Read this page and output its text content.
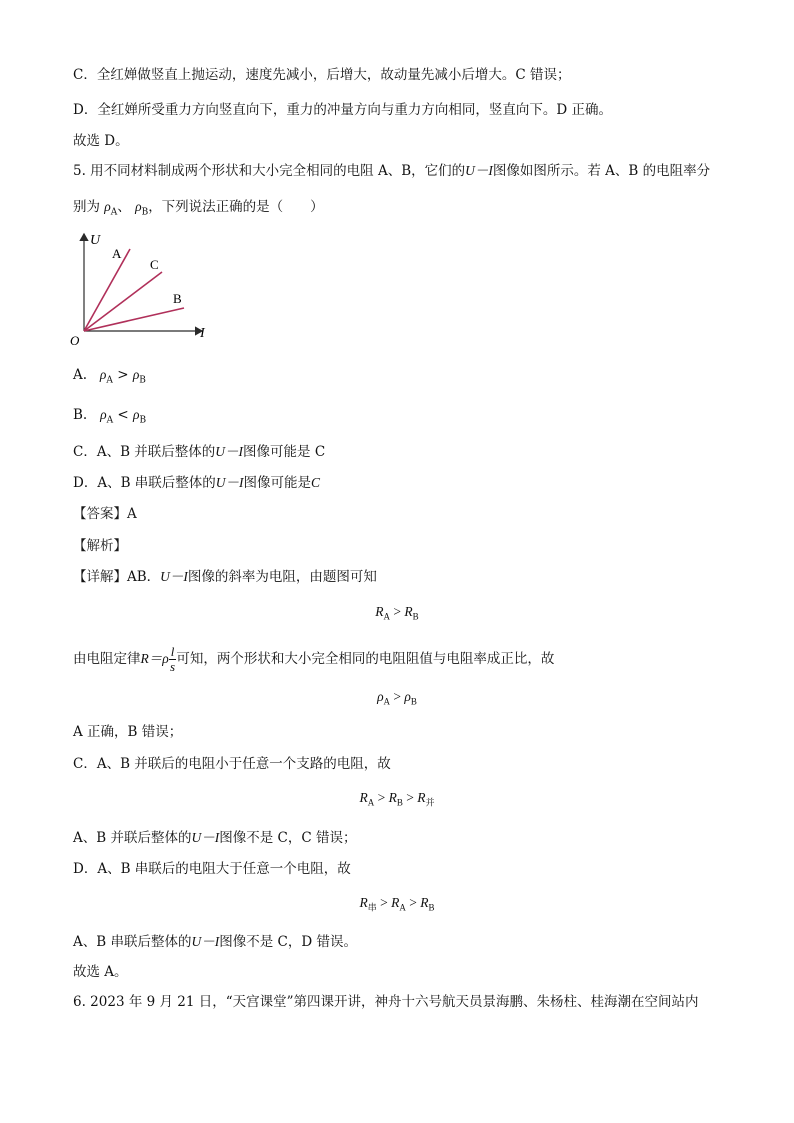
C．全红婵做竖直上抛运动，速度先减小，后增大，故动量先减小后增大。C 错误；
D．全红婵所受重力方向竖直向下，重力的冲量方向与重力方向相同，竖直向下。D 正确。
故选 D。
5. 用不同材料制成两个形状和大小完全相同的电阻 A、B，它们的U－I图像如图所示。若 A、B 的电阻率分
别为 $\rho_A$、 $\rho_B$，下列说法正确的是（　　）
U
I
O
A
C
B
A. $\rho_A > \rho_B$
B. $\rho_A < \rho_B$
C．A、B 并联后整体的U－I图像可能是 C
D．A、B 串联后整体的U－I图像可能是C
【答案】A
【解析】
【详解】AB．U－I图像的斜率为电阻，由题图可知
$R_A > R_B$
由电阻定律$R=\rho \frac{l}{s}$ 可知，两个形状和大小完全相同的电阻阻值与电阻率成正比，故
$\rho_A > \rho_B$
A 正确，B 错误；
C．A、B 并联后的电阻小于任意一个支路的电阻，故
$R_A > R_B > R_并$
A、B 并联后整体的U－I图像不是 C，C 错误；
D．A、B 串联后的电阻大于任意一个电阻，故
$R_串 > R_A > R_B$
A、B 串联后整体的U－I图像不是 C，D 错误。
故选 A。
6. 2023 年 9 月 21 日，“天宫课堂”第四课开讲，神舟十六号航天员景海鹏、朱杨柱、桂海潮在空间站内
